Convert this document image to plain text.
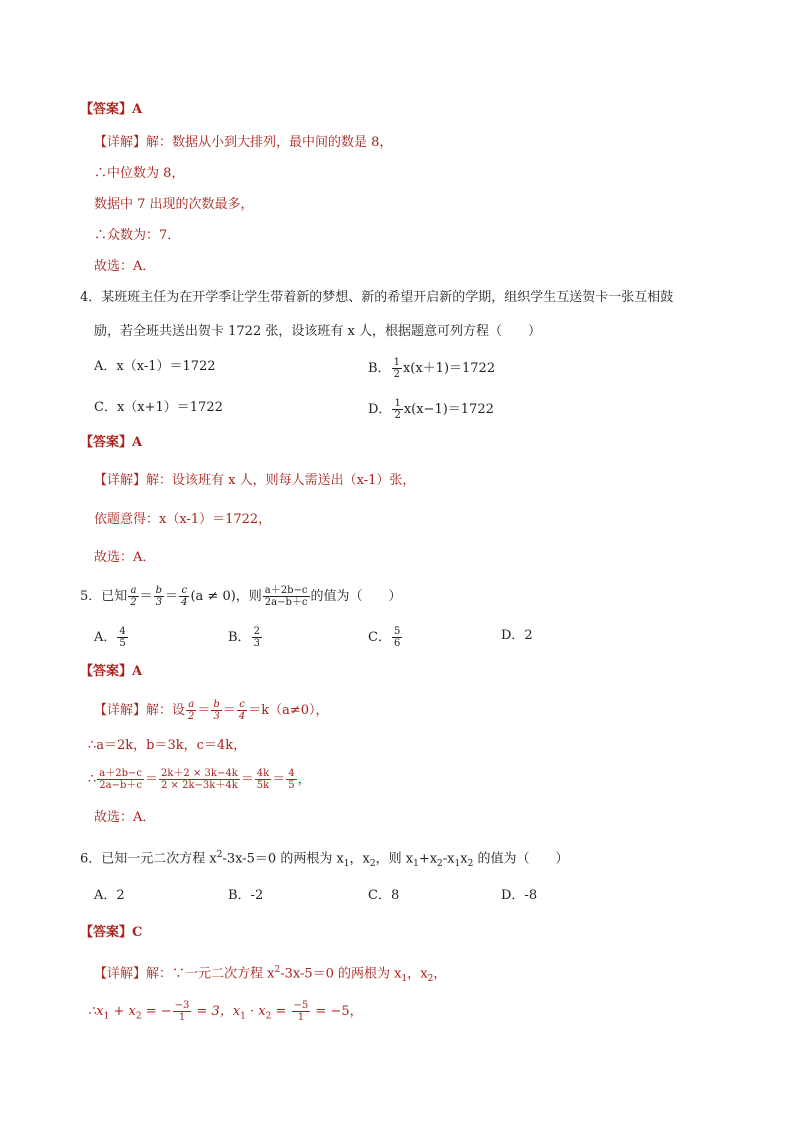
【答案】A
【详解】解：数据从小到大排列，最中间的数是 8，
∴中位数为 8，
数据中 7 出现的次数最多，
∴众数为：7．
故选：A．
4．某班班主任为在开学季让学生带着新的梦想、新的希望开启新的学期，组织学生互送贺卡一张互相鼓
励，若全班共送出贺卡 1722 张，设该班有 x 人，根据题意可列方程（　　）
A．x（x-1）＝1722	B． $\frac{1}{2} x(x+1)=1722$
C．x（x+1）＝1722	D． $\frac{1}{2} x(x-1)=1722$
【答案】A
【详解】解：设该班有 x 人，则每人需送出（x-1）张，
依题意得：x（x-1）＝1722，
故选：A．
5．已知 $\frac{a}{2} = \frac{b}{3} = \frac{c}{4} (a \ne 0)$，则 $\frac{a+2b-c}{2a-b+c}$ 的值为（　　）
A． $\frac{4}{5}$	B． $\frac{2}{3}$	C． $\frac{5}{6}$	D．2
【答案】A
【详解】解：设 $\frac{a}{2} = \frac{b}{3} = \frac{c}{4} =k(a\ne 0)$，
∴a＝2k，b＝3k，c＝4k，
∴ $\frac{a+2b-c}{2a-b+c} = \frac{2k+2 \times 3k-4k}{2 \times 2k-3k+4k} = \frac{4k}{5k} = \frac{4}{5}$ ，
故选：A．
6．已知一元二次方程 $x^2-3x-5=0$ 的两根为 $x_1$，$x_2$，则 $x_1+x_2-x_1x_2$ 的值为（　　）
A．2	B．-2	C．8	D．-8
【答案】C
【详解】解：∵一元二次方程 $x^2-3x-5=0$ 的两根为 $x_1$，$x_2$，
$\therefore x_1 + x_2$ = − $\frac{-3}{1} = 3$，$x_1 \cdot x_2 = \frac{-5}{1} = -5$，
